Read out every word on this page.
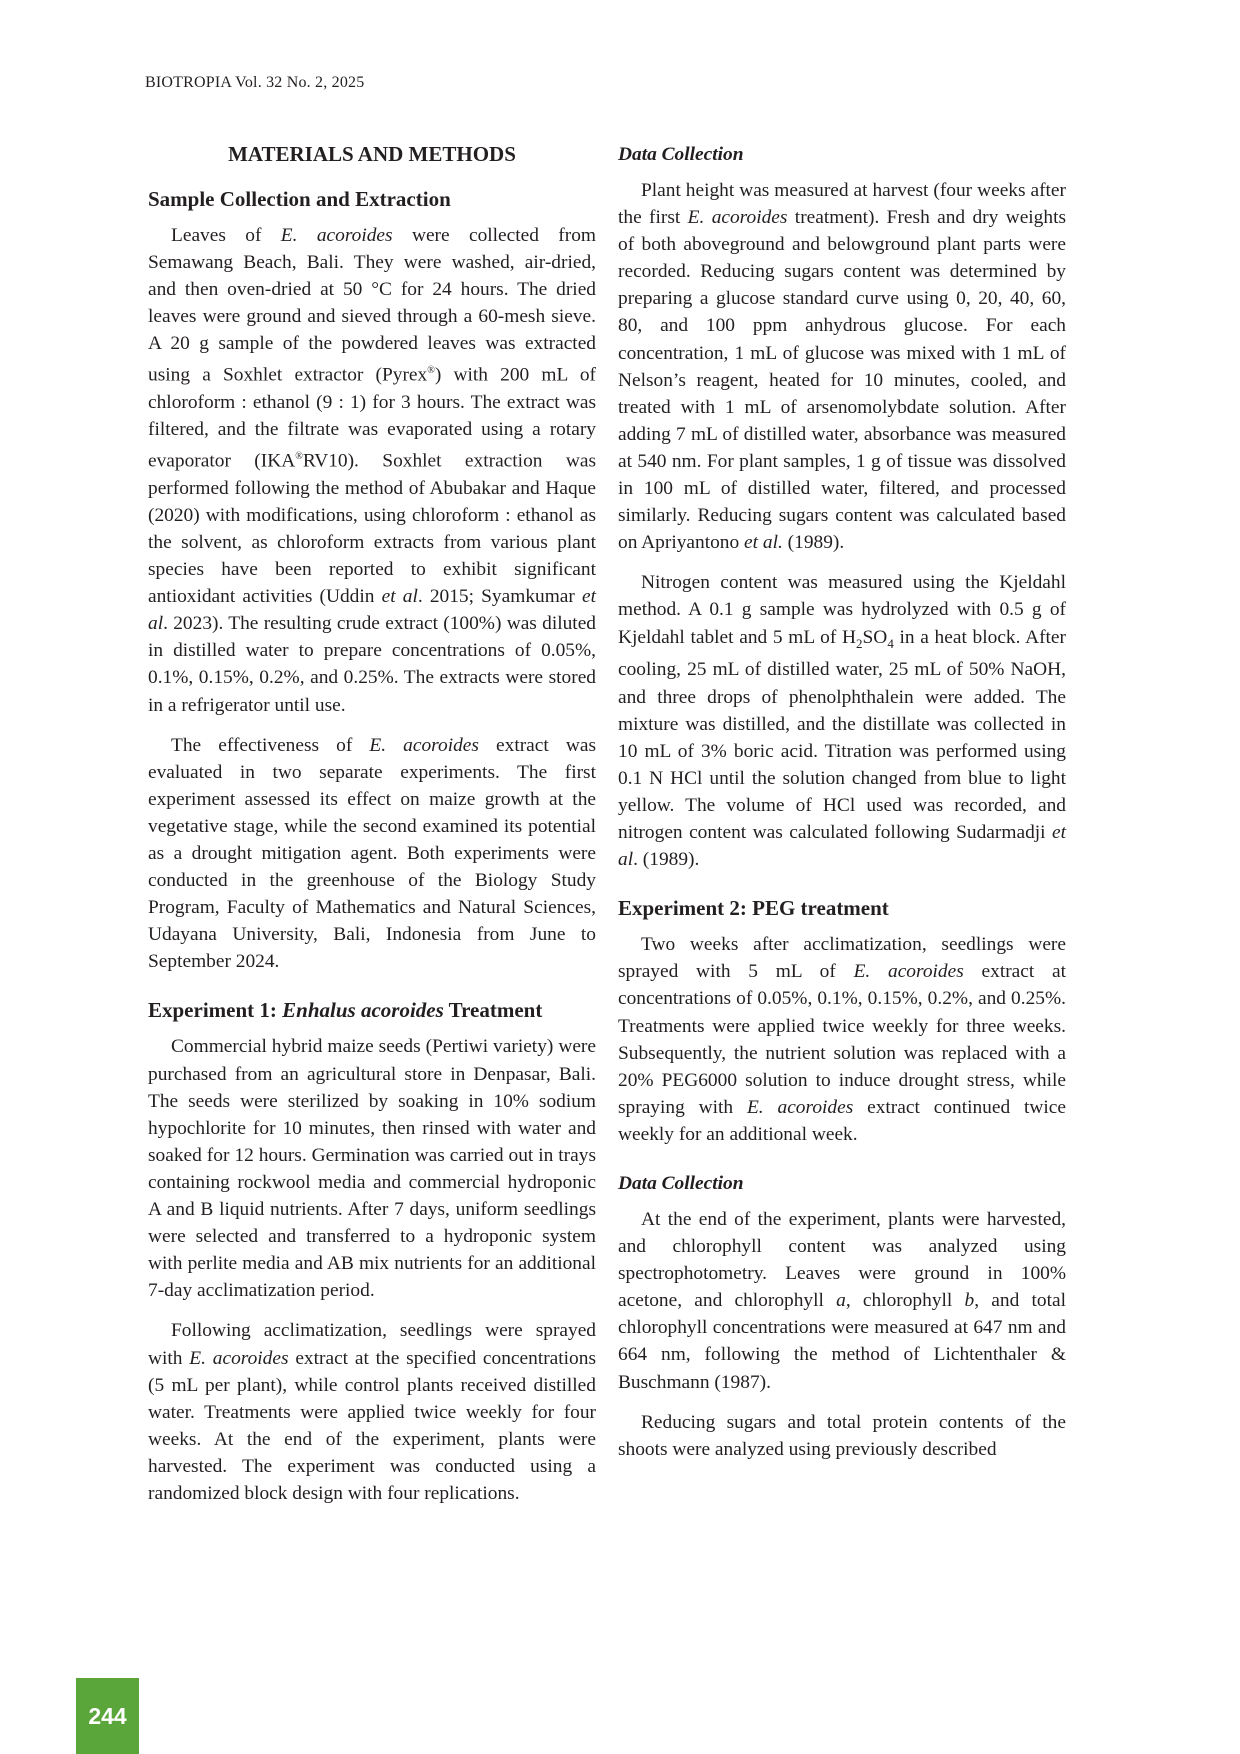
BIOTROPIA Vol. 32 No. 2, 2025
MATERIALS AND METHODS
Sample Collection and Extraction

Leaves of E. acoroides were collected from Semawang Beach, Bali. They were washed, air-dried, and then oven-dried at 50 °C for 24 hours. The dried leaves were ground and sieved through a 60-mesh sieve. A 20 g sample of the powdered leaves was extracted using a Soxhlet extractor (Pyrex®) with 200 mL of chloroform : ethanol (9 : 1) for 3 hours. The extract was filtered, and the filtrate was evaporated using a rotary evaporator (IKA®RV10). Soxhlet extraction was performed following the method of Abubakar and Haque (2020) with modifications, using chloroform : ethanol as the solvent, as chloroform extracts from various plant species have been reported to exhibit significant antioxidant activities (Uddin et al. 2015; Syamkumar et al. 2023). The resulting crude extract (100%) was diluted in distilled water to prepare concentrations of 0.05%, 0.1%, 0.15%, 0.2%, and 0.25%. The extracts were stored in a refrigerator until use.

The effectiveness of E. acoroides extract was evaluated in two separate experiments. The first experiment assessed its effect on maize growth at the vegetative stage, while the second examined its potential as a drought mitigation agent. Both experiments were conducted in the greenhouse of the Biology Study Program, Faculty of Mathematics and Natural Sciences, Udayana University, Bali, Indonesia from June to September 2024.

Experiment 1: Enhalus acoroides Treatment

Commercial hybrid maize seeds (Pertiwi variety) were purchased from an agricultural store in Denpasar, Bali. The seeds were sterilized by soaking in 10% sodium hypochlorite for 10 minutes, then rinsed with water and soaked for 12 hours. Germination was carried out in trays containing rockwool media and commercial hydroponic A and B liquid nutrients. After 7 days, uniform seedlings were selected and transferred to a hydroponic system with perlite media and AB mix nutrients for an additional 7-day acclimatization period.

Following acclimatization, seedlings were sprayed with E. acoroides extract at the specified concentrations (5 mL per plant), while control plants received distilled water. Treatments were applied twice weekly for four weeks. At the end of the experiment, plants were harvested. The experiment was conducted using a randomized block design with four replications.

Data Collection

Plant height was measured at harvest (four weeks after the first E. acoroides treatment). Fresh and dry weights of both aboveground and belowground plant parts were recorded. Reducing sugars content was determined by preparing a glucose standard curve using 0, 20, 40, 60, 80, and 100 ppm anhydrous glucose. For each concentration, 1 mL of glucose was mixed with 1 mL of Nelson’s reagent, heated for 10 minutes, cooled, and treated with 1 mL of arsenomolybdate solution. After adding 7 mL of distilled water, absorbance was measured at 540 nm. For plant samples, 1 g of tissue was dissolved in 100 mL of distilled water, filtered, and processed similarly. Reducing sugars content was calculated based on Apriyantono et al. (1989).

Nitrogen content was measured using the Kjeldahl method. A 0.1 g sample was hydrolyzed with 0.5 g of Kjeldahl tablet and 5 mL of $H_2SO_4$ in a heat block. After cooling, 25 mL of distilled water, 25 mL of 50% NaOH, and three drops of phenolphthalein were added. The mixture was distilled, and the distillate was collected in 10 mL of 3% boric acid. Titration was performed using 0.1 N HCl until the solution changed from blue to light yellow. The volume of HCl used was recorded, and nitrogen content was calculated following Sudarmadji et al. (1989).

Experiment 2: PEG treatment

Two weeks after acclimatization, seedlings were sprayed with 5 mL of E. acoroides extract at concentrations of 0.05%, 0.1%, 0.15%, 0.2%, and 0.25%. Treatments were applied twice weekly for three weeks. Subsequently, the nutrient solution was replaced with a 20% PEG6000 solution to induce drought stress, while spraying with E. acoroides extract continued twice weekly for an additional week.

Data Collection

At the end of the experiment, plants were harvested, and chlorophyll content was analyzed using spectrophotometry. Leaves were ground in 100% acetone, and chlorophyll a, chlorophyll b, and total chlorophyll concentrations were measured at 647 nm and 664 nm, following the method of Lichtenthaler & Buschmann (1987).

Reducing sugars and total protein contents of the shoots were analyzed using previously described

244
